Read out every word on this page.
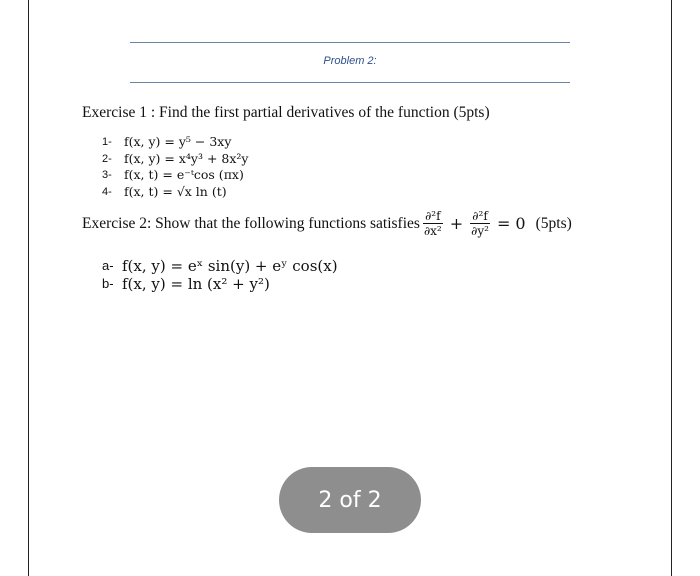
Problem 2:
Exercise 1 : Find the first partial derivatives of the function (5pts)
1- f(x, y) = y⁵ − 3xy
2- f(x, y) = x⁴y³ + 8x²y
3- f(x, t) = e⁻ᵗcos (πx)
4- f(x, t) = √x ln (t)
Exercise 2: Show that the following functions satisfies $\frac{\text{∂²f}}{\text{∂x²}} + \frac{\text{∂²f}}{\text{∂y²}} = 0$ (5pts)
a- f(x, y) = eˣ sin(y) + eʸ cos(x)
b- f(x, y) = ln (x² + y²)
2 of 2
